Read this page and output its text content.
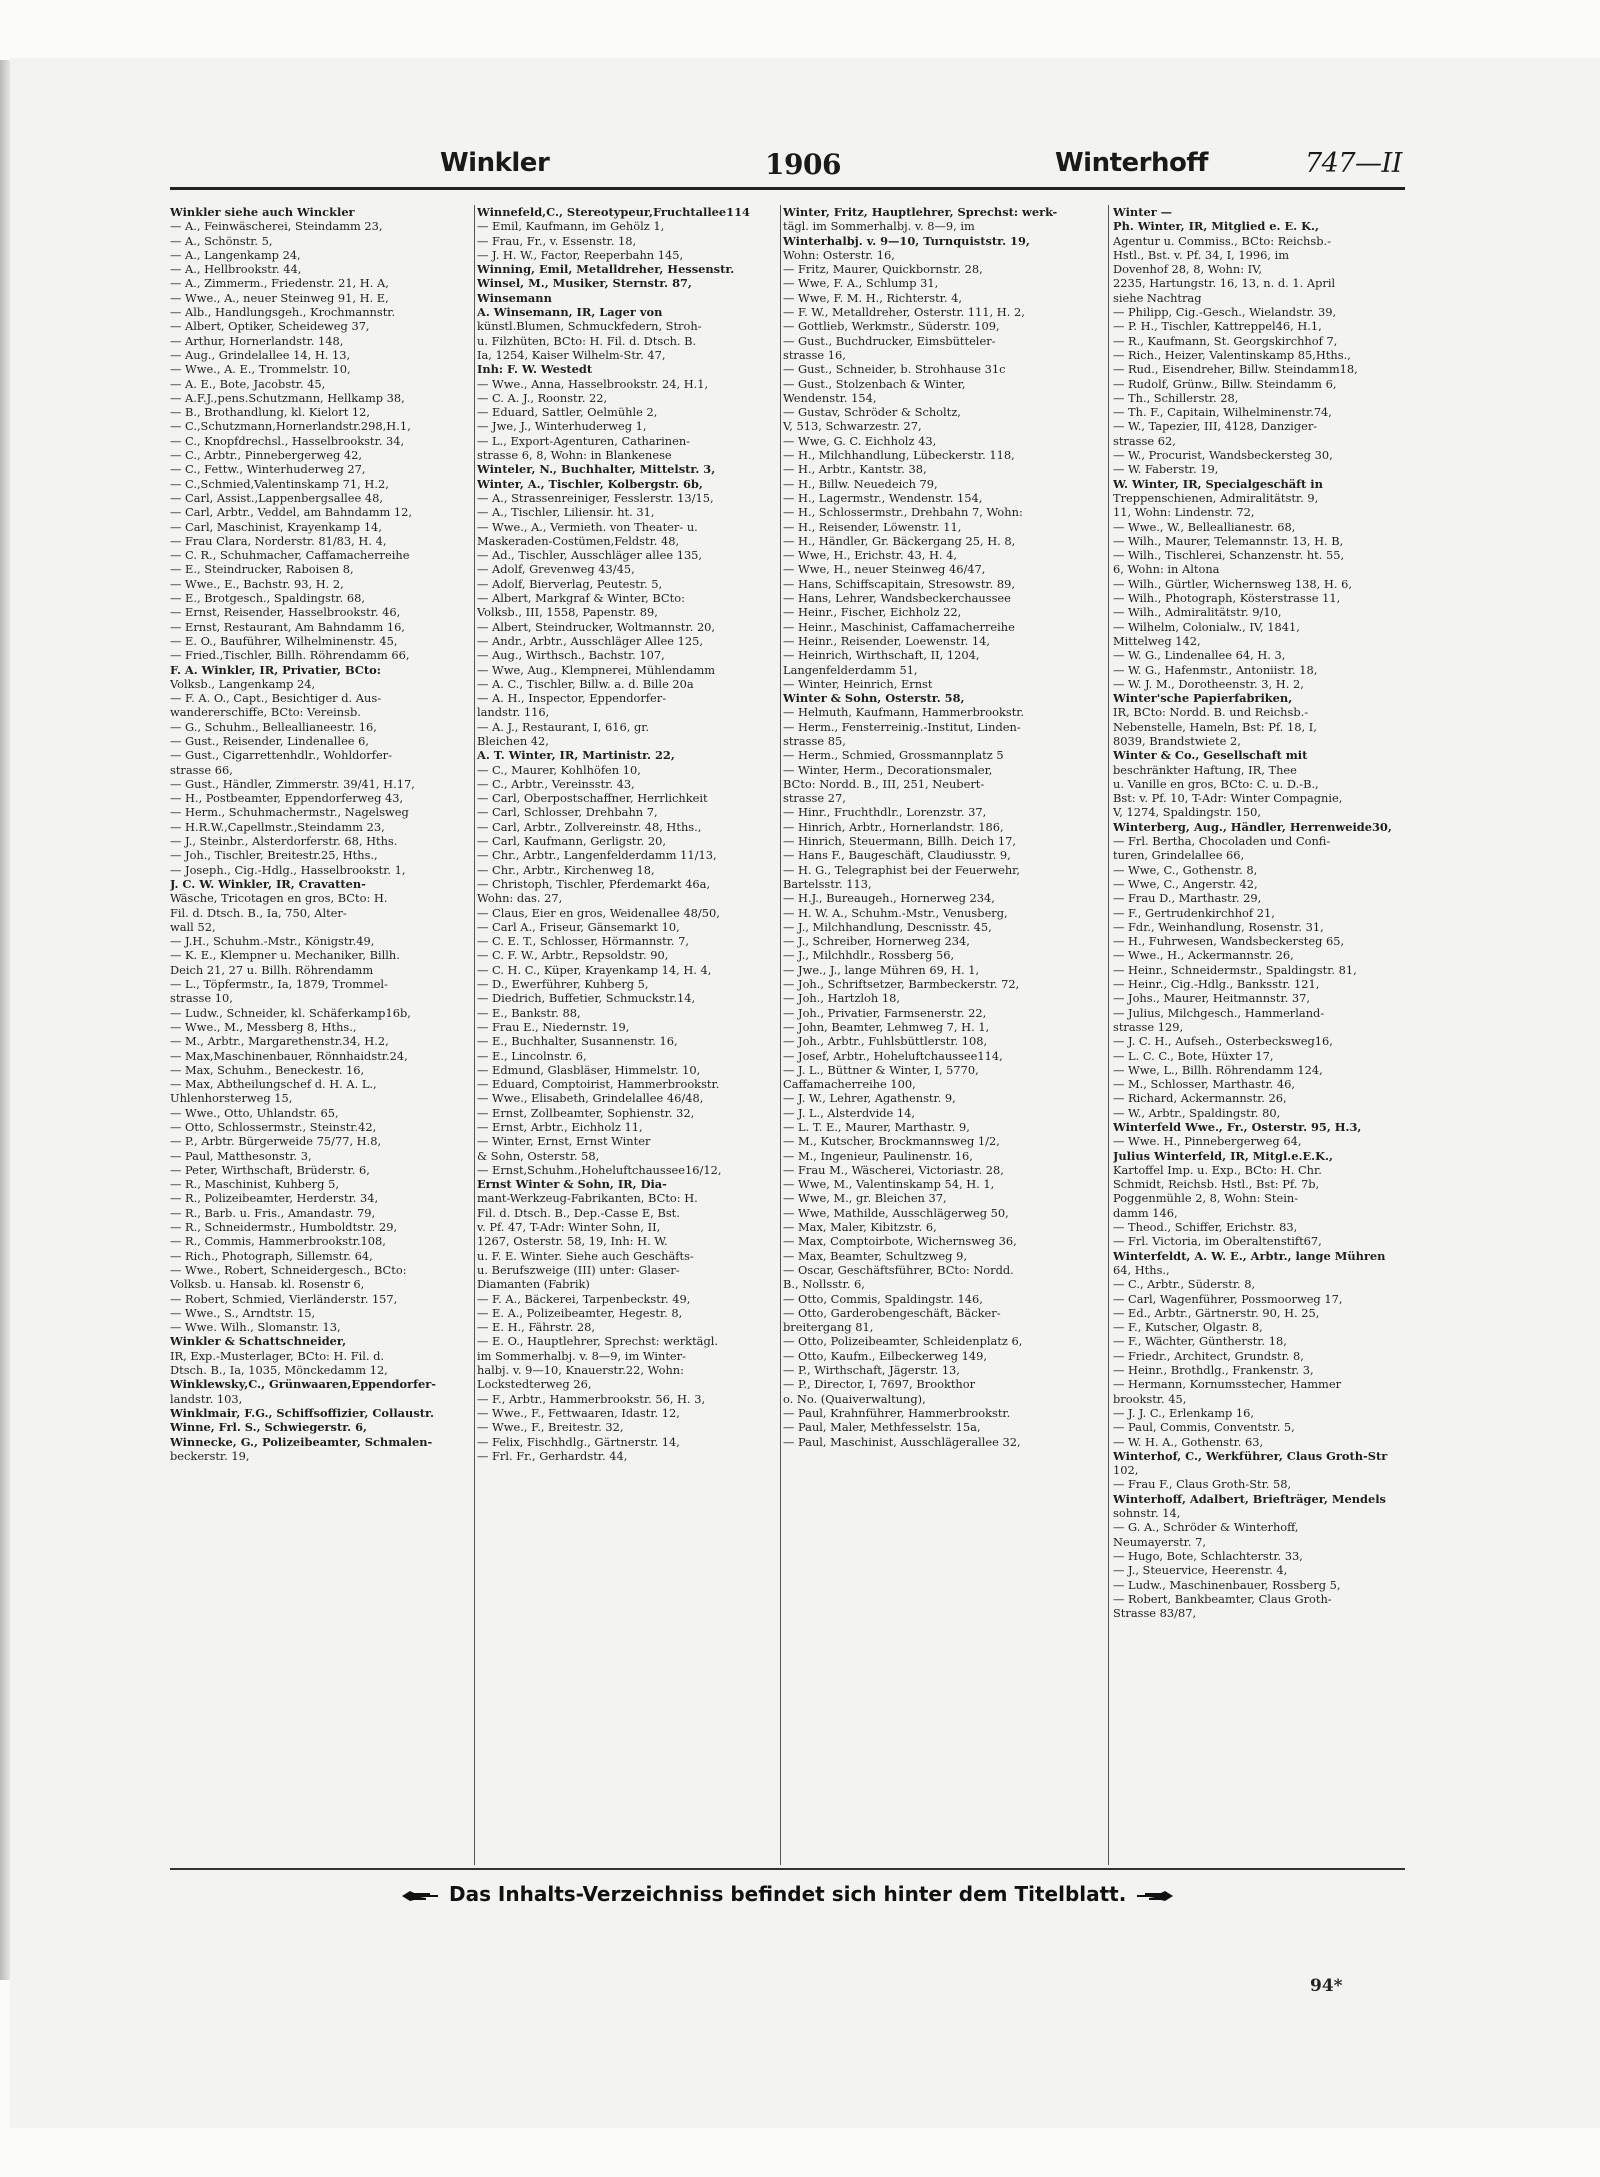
Winkler	1906	Winterhoff	747—II
Winkler siehe auch Winckler
— A., Feinwäscherei, Steindamm 23,
— A., Schönstr. 5,
— A., Langenkamp 24,
— A., Hellbrookstr. 44,
— A., Zimmerm., Friedenstr. 21, H. A,
— Wwe., A., neuer Steinweg 91, H. E,
— Alb., Handlungsgeh., Krochmannstr.
— Albert, Optiker, Scheideweg 37,
— Arthur, Hornerlandstr. 148,
— Aug., Grindelallee 14, H. 13,
— Wwe., A. E., Trommelstr. 10,
— A. E., Bote, Jacobstr. 45,
— A.F.J.,pens.Schutzmann, Hellkamp 38,
— B., Brothandlung, kl. Kielort 12,
— C.,Schutzmann,Hornerlandstr.298,H.1,
— C., Knopfdrechsl., Hasselbrookstr. 34,
— C., Arbtr., Pinnebergerweg 42,
— C., Fettw., Winterhuderweg 27,
— C.,Schmied,Valentinskamp 71, H.2,
— Carl, Assist.,Lappenbergsallee 48,
— Carl, Arbtr., Veddel, am Bahndamm 12,
— Carl, Maschinist, Krayenkamp 14,
— Frau Clara, Norderstr. 81/83, H. 4,
— C. R., Schuhmacher, Caffamacherreihe
— E., Steindrucker, Raboisen 8,
— Wwe., E., Bachstr. 93, H. 2,
— E., Brotgesch., Spaldingstr. 68,
— Ernst, Reisender, Hasselbrookstr. 46,
— Ernst, Restaurant, Am Bahndamm 16,
— E. O., Bauführer, Wilhelminenstr. 45,
— Fried.,Tischler, Billh. Röhrendamm 66,
F. A. Winkler, IR, Privatier, BCto:
Volksb., Langenkamp 24,
— F. A. O., Capt., Besichtiger d. Aus-
wandererschiffe, BCto: Vereinsb.
— G., Schuhm., Belleallianeestr. 16,
— Gust., Reisender, Lindenallee 6,
— Gust., Cigarrettenhdlr., Wohldorfer-
strasse 66,
— Gust., Händler, Zimmerstr. 39/41, H.17,
— H., Postbeamter, Eppendorferweg 43,
— Herm., Schuhmachermstr., Nagelsweg
— H.R.W.,Capellmstr.,Steindamm 23,
— J., Steinbr., Alsterdorferstr. 68, Hths.
— Joh., Tischler, Breitestr.25, Hths.,
— Joseph., Cig.-Hdlg., Hasselbrookstr. 1,
J. C. W. Winkler, IR, Cravatten-
Wäsche, Tricotagen en gros, BCto: H.
Fil. d. Dtsch. B., Ia, 750, Alter-
wall 52,
— J.H., Schuhm.-Mstr., Königstr.49,
— K. E., Klempner u. Mechaniker, Billh.
Deich 21, 27 u. Billh. Röhrendamm
— L., Töpfermstr., Ia, 1879, Trommel-
strasse 10,
— Ludw., Schneider, kl. Schäferkamp16b,
— Wwe., M., Messberg 8, Hths.,
— M., Arbtr., Margarethenstr.34, H.2,
— Max,Maschinenbauer, Rönnhaidstr.24,
— Max, Schuhm., Beneckestr. 16,
— Max, Abtheilungschef d. H. A. L.,
Uhlenhorsterweg 15,
— Wwe., Otto, Uhlandstr. 65,
— Otto, Schlossermstr., Steinstr.42,
— P., Arbtr. Bürgerweide 75/77, H.8,
— Paul, Matthesonstr. 3,
— Peter, Wirthschaft, Brüderstr. 6,
— R., Maschinist, Kuhberg 5,
— R., Polizeibeamter, Herderstr. 34,
— R., Barb. u. Fris., Amandastr. 79,
— R., Schneidermstr., Humboldtstr. 29,
— R., Commis, Hammerbrookstr.108,
— Rich., Photograph, Sillemstr. 64,
— Wwe., Robert, Schneidergesch., BCto:
Volksb. u. Hansab. kl. Rosenstr 6,
— Robert, Schmied, Vierländerstr. 157,
— Wwe., S., Arndtstr. 15,
— Wwe. Wilh., Slomanstr. 13,
Winkler & Schattschneider,
IR, Exp.-Musterlager, BCto: H. Fil. d.
Dtsch. B., Ia, 1035, Mönckedamm 12,
Winklewsky,C., Grünwaaren,Eppendorfer-
landstr. 103,
Winklmair, F.G., Schiffsoffizier, Collaustr.
Winne, Frl. S., Schwiegerstr. 6,
Winnecke, G., Polizeibeamter, Schmalen-
beckerstr. 19,
Winnefeld,C., Stereotypeur,Fruchtallee114
— Emil, Kaufmann, im Gehölz 1,
— Frau, Fr., v. Essenstr. 18,
— J. H. W., Factor, Reeperbahn 145,
Winning, Emil, Metalldreher, Hessenstr.
Winsel, M., Musiker, Sternstr. 87,
Winsemann
A. Winsemann, IR, Lager von
künstl.Blumen, Schmuckfedern, Stroh-
u. Filzhüten, BCto: H. Fil. d. Dtsch. B.
Ia, 1254, Kaiser Wilhelm-Str. 47,
Inh: F. W. Westedt
— Wwe., Anna, Hasselbrookstr. 24, H.1,
— C. A. J., Roonstr. 22,
— Eduard, Sattler, Oelmühle 2,
— Jwe, J., Winterhuderweg 1,
— L., Export-Agenturen, Catharinen-
strasse 6, 8, Wohn: in Blankenese
Winteler, N., Buchhalter, Mittelstr. 3,
Winter, A., Tischler, Kolbergstr. 6b,
— A., Strassenreiniger, Fesslerstr. 13/15,
— A., Tischler, Liliensir. ht. 31,
— Wwe., A., Vermieth. von Theater- u.
Maskeraden-Costümen,Feldstr. 48,
— Ad., Tischler, Ausschläger allee 135,
— Adolf, Grevenweg 43/45,
— Adolf, Bierverlag, Peutestr. 5,
— Albert, Markgraf & Winter, BCto:
Volksb., III, 1558, Papenstr. 89,
— Albert, Steindrucker, Woltmannstr. 20,
— Andr., Arbtr., Ausschläger Allee 125,
— Aug., Wirthsch., Bachstr. 107,
— Wwe, Aug., Klempnerei, Mühlendamm
— A. C., Tischler, Billw. a. d. Bille 20a
— A. H., Inspector, Eppendorfer-
landstr. 116,
— A. J., Restaurant, I, 616, gr.
Bleichen 42,
A. T. Winter, IR, Martinistr. 22,
— C., Maurer, Kohlhöfen 10,
— C., Arbtr., Vereinsstr. 43,
— Carl, Oberpostschaffner, Herrlichkeit
— Carl, Schlosser, Drehbahn 7,
— Carl, Arbtr., Zollvereinstr. 48, Hths.,
— Carl, Kaufmann, Gerligstr. 20,
— Chr., Arbtr., Langenfelderdamm 11/13,
— Chr., Arbtr., Kirchenweg 18,
— Christoph, Tischler, Pferdemarkt 46a,
Wohn: das. 27,
— Claus, Eier en gros, Weidenallee 48/50,
— Carl A., Friseur, Gänsemarkt 10,
— C. E. T., Schlosser, Hörmannstr. 7,
— C. F. W., Arbtr., Repsoldstr. 90,
— C. H. C., Küper, Krayenkamp 14, H. 4,
— D., Ewerführer, Kuhberg 5,
— Diedrich, Buffetier, Schmuckstr.14,
— E., Bankstr. 88,
— Frau E., Niedernstr. 19,
— E., Buchhalter, Susannenstr. 16,
— E., Lincolnstr. 6,
— Edmund, Glasbläser, Himmelstr. 10,
— Eduard, Comptoirist, Hammerbrookstr.
— Wwe., Elisabeth, Grindelallee 46/48,
— Ernst, Zollbeamter, Sophienstr. 32,
— Ernst, Arbtr., Eichholz 11,
— Winter, Ernst, Ernst Winter
& Sohn, Osterstr. 58,
— Ernst,Schuhm.,Hoheluftchaussee16/12,
Ernst Winter & Sohn, IR, Dia-
mant-Werkzeug-Fabrikanten, BCto: H.
Fil. d. Dtsch. B., Dep.-Casse E, Bst.
v. Pf. 47, T-Adr: Winter Sohn, II,
1267, Osterstr. 58, 19, Inh: H. W.
u. F. E. Winter. Siehe auch Geschäfts-
u. Berufszweige (III) unter: Glaser-
Diamanten (Fabrik)
— F. A., Bäckerei, Tarpenbeckstr. 49,
— E. A., Polizeibeamter, Hegestr. 8,
— E. H., Fährstr. 28,
— E. O., Hauptlehrer, Sprechst: werktägl.
im Sommerhalbj. v. 8—9, im Winter-
halbj. v. 9—10, Knauerstr.22, Wohn:
Lockstedterweg 26,
— F., Arbtr., Hammerbrookstr. 56, H. 3,
— Wwe., F., Fettwaaren, Idastr. 12,
— Wwe., F., Breitestr. 32,
— Felix, Fischhdlg., Gärtnerstr. 14,
— Frl. Fr., Gerhardstr. 44,
Winter, Fritz, Hauptlehrer, Sprechst: werk-
tägl. im Sommerhalbj. v. 8—9, im
Winterhalbj. v. 9—10, Turnquiststr. 19,
Wohn: Osterstr. 16,
— Fritz, Maurer, Quickbornstr. 28,
— Wwe, F. A., Schlump 31,
— Wwe, F. M. H., Richterstr. 4,
— F. W., Metalldreher, Osterstr. 111, H. 2,
— Gottlieb, Werkmstr., Süderstr. 109,
— Gust., Buchdrucker, Eimsbütteler-
strasse 16,
— Gust., Schneider, b. Strohhause 31c
— Gust., Stolzenbach & Winter,
Wendenstr. 154,
— Gustav, Schröder & Scholtz,
V, 513, Schwarzestr. 27,
— Wwe, G. C. Eichholz 43,
— H., Milchhandlung, Lübeckerstr. 118,
— H., Arbtr., Kantstr. 38,
— H., Billw. Neuedeich 79,
— H., Lagermstr., Wendenstr. 154,
— H., Schlossermstr., Drehbahn 7, Wohn:
— H., Reisender, Löwenstr. 11,
— H., Händler, Gr. Bäckergang 25, H. 8,
— Wwe, H., Erichstr. 43, H. 4,
— Wwe, H., neuer Steinweg 46/47,
— Hans, Schiffscapitain, Stresowstr. 89,
— Hans, Lehrer, Wandsbeckerchaussee
— Heinr., Fischer, Eichholz 22,
— Heinr., Maschinist, Caffamacherreihe
— Heinr., Reisender, Loewenstr. 14,
— Heinrich, Wirthschaft, II, 1204,
Langenfelderdamm 51,
— Winter, Heinrich, Ernst
Winter & Sohn, Osterstr. 58,
— Helmuth, Kaufmann, Hammerbrookstr.
— Herm., Fensterreinig.-Institut, Linden-
strasse 85,
— Herm., Schmied, Grossmannplatz 5
— Winter, Herm., Decorationsmaler,
BCto: Nordd. B., III, 251, Neubert-
strasse 27,
— Hinr., Fruchthdlr., Lorenzstr. 37,
— Hinrich, Arbtr., Hornerlandstr. 186,
— Hinrich, Steuermann, Billh. Deich 17,
— Hans F., Baugeschäft, Claudiusstr. 9,
— H. G., Telegraphist bei der Feuerwehr,
Bartelsstr. 113,
— H.J., Bureaugeh., Hornerweg 234,
— H. W. A., Schuhm.-Mstr., Venusberg,
— J., Milchhandlung, Descnisstr. 45,
— J., Schreiber, Hornerweg 234,
— J., Milchhdlr., Rossberg 56,
— Jwe., J., lange Mühren 69, H. 1,
— Joh., Schriftsetzer, Barmbeckerstr. 72,
— Joh., Hartzloh 18,
— Joh., Privatier, Farmsenerstr. 22,
— John, Beamter, Lehmweg 7, H. 1,
— Joh., Arbtr., Fuhlsbüttlerstr. 108,
— Josef, Arbtr., Hoheluftchaussee114,
— J. L., Büttner & Winter, I, 5770,
Caffamacherreihe 100,
— J. W., Lehrer, Agathenstr. 9,
— J. L., Alsterdvide 14,
— L. T. E., Maurer, Marthastr. 9,
— M., Kutscher, Brockmannsweg 1/2,
— M., Ingenieur, Paulinenstr. 16,
— Frau M., Wäscherei, Victoriastr. 28,
— Wwe, M., Valentinskamp 54, H. 1,
— Wwe, M., gr. Bleichen 37,
— Wwe, Mathilde, Ausschlägerweg 50,
— Max, Maler, Kibitzstr. 6,
— Max, Comptoirbote, Wichernsweg 36,
— Max, Beamter, Schultzweg 9,
— Oscar, Geschäftsführer, BCto: Nordd.
B., Nollsstr. 6,
— Otto, Commis, Spaldingstr. 146,
— Otto, Garderobengeschäft, Bäcker-
breitergang 81,
— Otto, Polizeibeamter, Schleidenplatz 6,
— Otto, Kaufm., Eilbeckerweg 149,
— P., Wirthschaft, Jägerstr. 13,
— P., Director, I, 7697, Brookthor
o. No. (Quaiverwaltung),
— Paul, Krahnführer, Hammerbrookstr.
— Paul, Maler, Methfesselstr. 15a,
— Paul, Maschinist, Ausschlägerallee 32,
Winter —
Ph. Winter, IR, Mitglied e. E. K.,
Agentur u. Commiss., BCto: Reichsb.-
Hstl., Bst. v. Pf. 34, I, 1996, im
Dovenhof 28, 8, Wohn: IV,
2235, Hartungstr. 16, 13, n. d. 1. April
siehe Nachtrag
— Philipp, Cig.-Gesch., Wielandstr. 39,
— P. H., Tischler, Kattreppel46, H.1,
— R., Kaufmann, St. Georgskirchhof 7,
— Rich., Heizer, Valentinskamp 85,Hths.,
— Rud., Eisendreher, Billw. Steindamm18,
— Rudolf, Grünw., Billw. Steindamm 6,
— Th., Schillerstr. 28,
— Th. F., Capitain, Wilhelminenstr.74,
— W., Tapezier, III, 4128, Danziger-
strasse 62,
— W., Procurist, Wandsbeckersteg 30,
— W. Faberstr. 19,
W. Winter, IR, Specialgeschäft in
Treppenschienen, Admiralitätstr. 9,
11, Wohn: Lindenstr. 72,
— Wwe., W., Belleallianestr. 68,
— Wilh., Maurer, Telemannstr. 13, H. B,
— Wilh., Tischlerei, Schanzenstr. ht. 55,
6, Wohn: in Altona
— Wilh., Gürtler, Wichernsweg 138, H. 6,
— Wilh., Photograph, Kösterstrasse 11,
— Wilh., Admiralitätstr. 9/10,
— Wilhelm, Colonialw., IV, 1841,
Mittelweg 142,
— W. G., Lindenallee 64, H. 3,
— W. G., Hafenmstr., Antoniistr. 18,
— W. J. M., Dorotheenstr. 3, H. 2,
Winter'sche Papierfabriken,
IR, BCto: Nordd. B. und Reichsb.-
Nebenstelle, Hameln, Bst: Pf. 18, I,
8039, Brandstwiete 2,
Winter & Co., Gesellschaft mit
beschränkter Haftung, IR, Thee
u. Vanille en gros, BCto: C. u. D.-B.,
Bst: v. Pf. 10, T-Adr: Winter Compagnie,
V, 1274, Spaldingstr. 150,
Winterberg, Aug., Händler, Herrenweide30,
— Frl. Bertha, Chocoladen und Confi-
turen, Grindelallee 66,
— Wwe, C., Gothenstr. 8,
— Wwe, C., Angerstr. 42,
— Frau D., Marthastr. 29,
— F., Gertrudenkirchhof 21,
— Fdr., Weinhandlung, Rosenstr. 31,
— H., Fuhrwesen, Wandsbeckersteg 65,
— Wwe., H., Ackermannstr. 26,
— Heinr., Schneidermstr., Spaldingstr. 81,
— Heinr., Cig.-Hdlg., Banksstr. 121,
— Johs., Maurer, Heitmannstr. 37,
— Julius, Milchgesch., Hammerland-
strasse 129,
— J. C. H., Aufseh., Osterbecksweg16,
— L. C. C., Bote, Hüxter 17,
— Wwe, L., Billh. Röhrendamm 124,
— M., Schlosser, Marthastr. 46,
— Richard, Ackermannstr. 26,
— W., Arbtr., Spaldingstr. 80,
Winterfeld Wwe., Fr., Osterstr. 95, H.3,
— Wwe. H., Pinnebergerweg 64,
Julius Winterfeld, IR, Mitgl.e.E.K.,
Kartoffel Imp. u. Exp., BCto: H. Chr.
Schmidt, Reichsb. Hstl., Bst: Pf. 7b,
Poggenmühle 2, 8, Wohn: Stein-
damm 146,
— Theod., Schiffer, Erichstr. 83,
— Frl. Victoria, im Oberaltenstift67,
Winterfeldt, A. W. E., Arbtr., lange Mühren
64, Hths.,
— C., Arbtr., Süderstr. 8,
— Carl, Wagenführer, Possmoorweg 17,
— Ed., Arbtr., Gärtnerstr. 90, H. 25,
— F., Kutscher, Olgastr. 8,
— F., Wächter, Güntherstr. 18,
— Friedr., Architect, Grundstr. 8,
— Heinr., Brothdlg., Frankenstr. 3,
— Hermann, Kornumsstecher, Hammer
brookstr. 45,
— J. J. C., Erlenkamp 16,
— Paul, Commis, Conventstr. 5,
— W. H. A., Gothenstr. 63,
Winterhof, C., Werkführer, Claus Groth-Str
102,
— Frau F., Claus Groth-Str. 58,
Winterhoff, Adalbert, Briefträger, Mendels
sohnstr. 14,
— G. A., Schröder & Winterhoff,
Neumayerstr. 7,
— Hugo, Bote, Schlachterstr. 33,
— J., Steuervice, Heerenstr. 4,
— Ludw., Maschinenbauer, Rossberg 5,
— Robert, Bankbeamter, Claus Groth-
Strasse 83/87,
Das Inhalts-Verzeichniss befindet sich hinter dem Titelblatt.
94*
